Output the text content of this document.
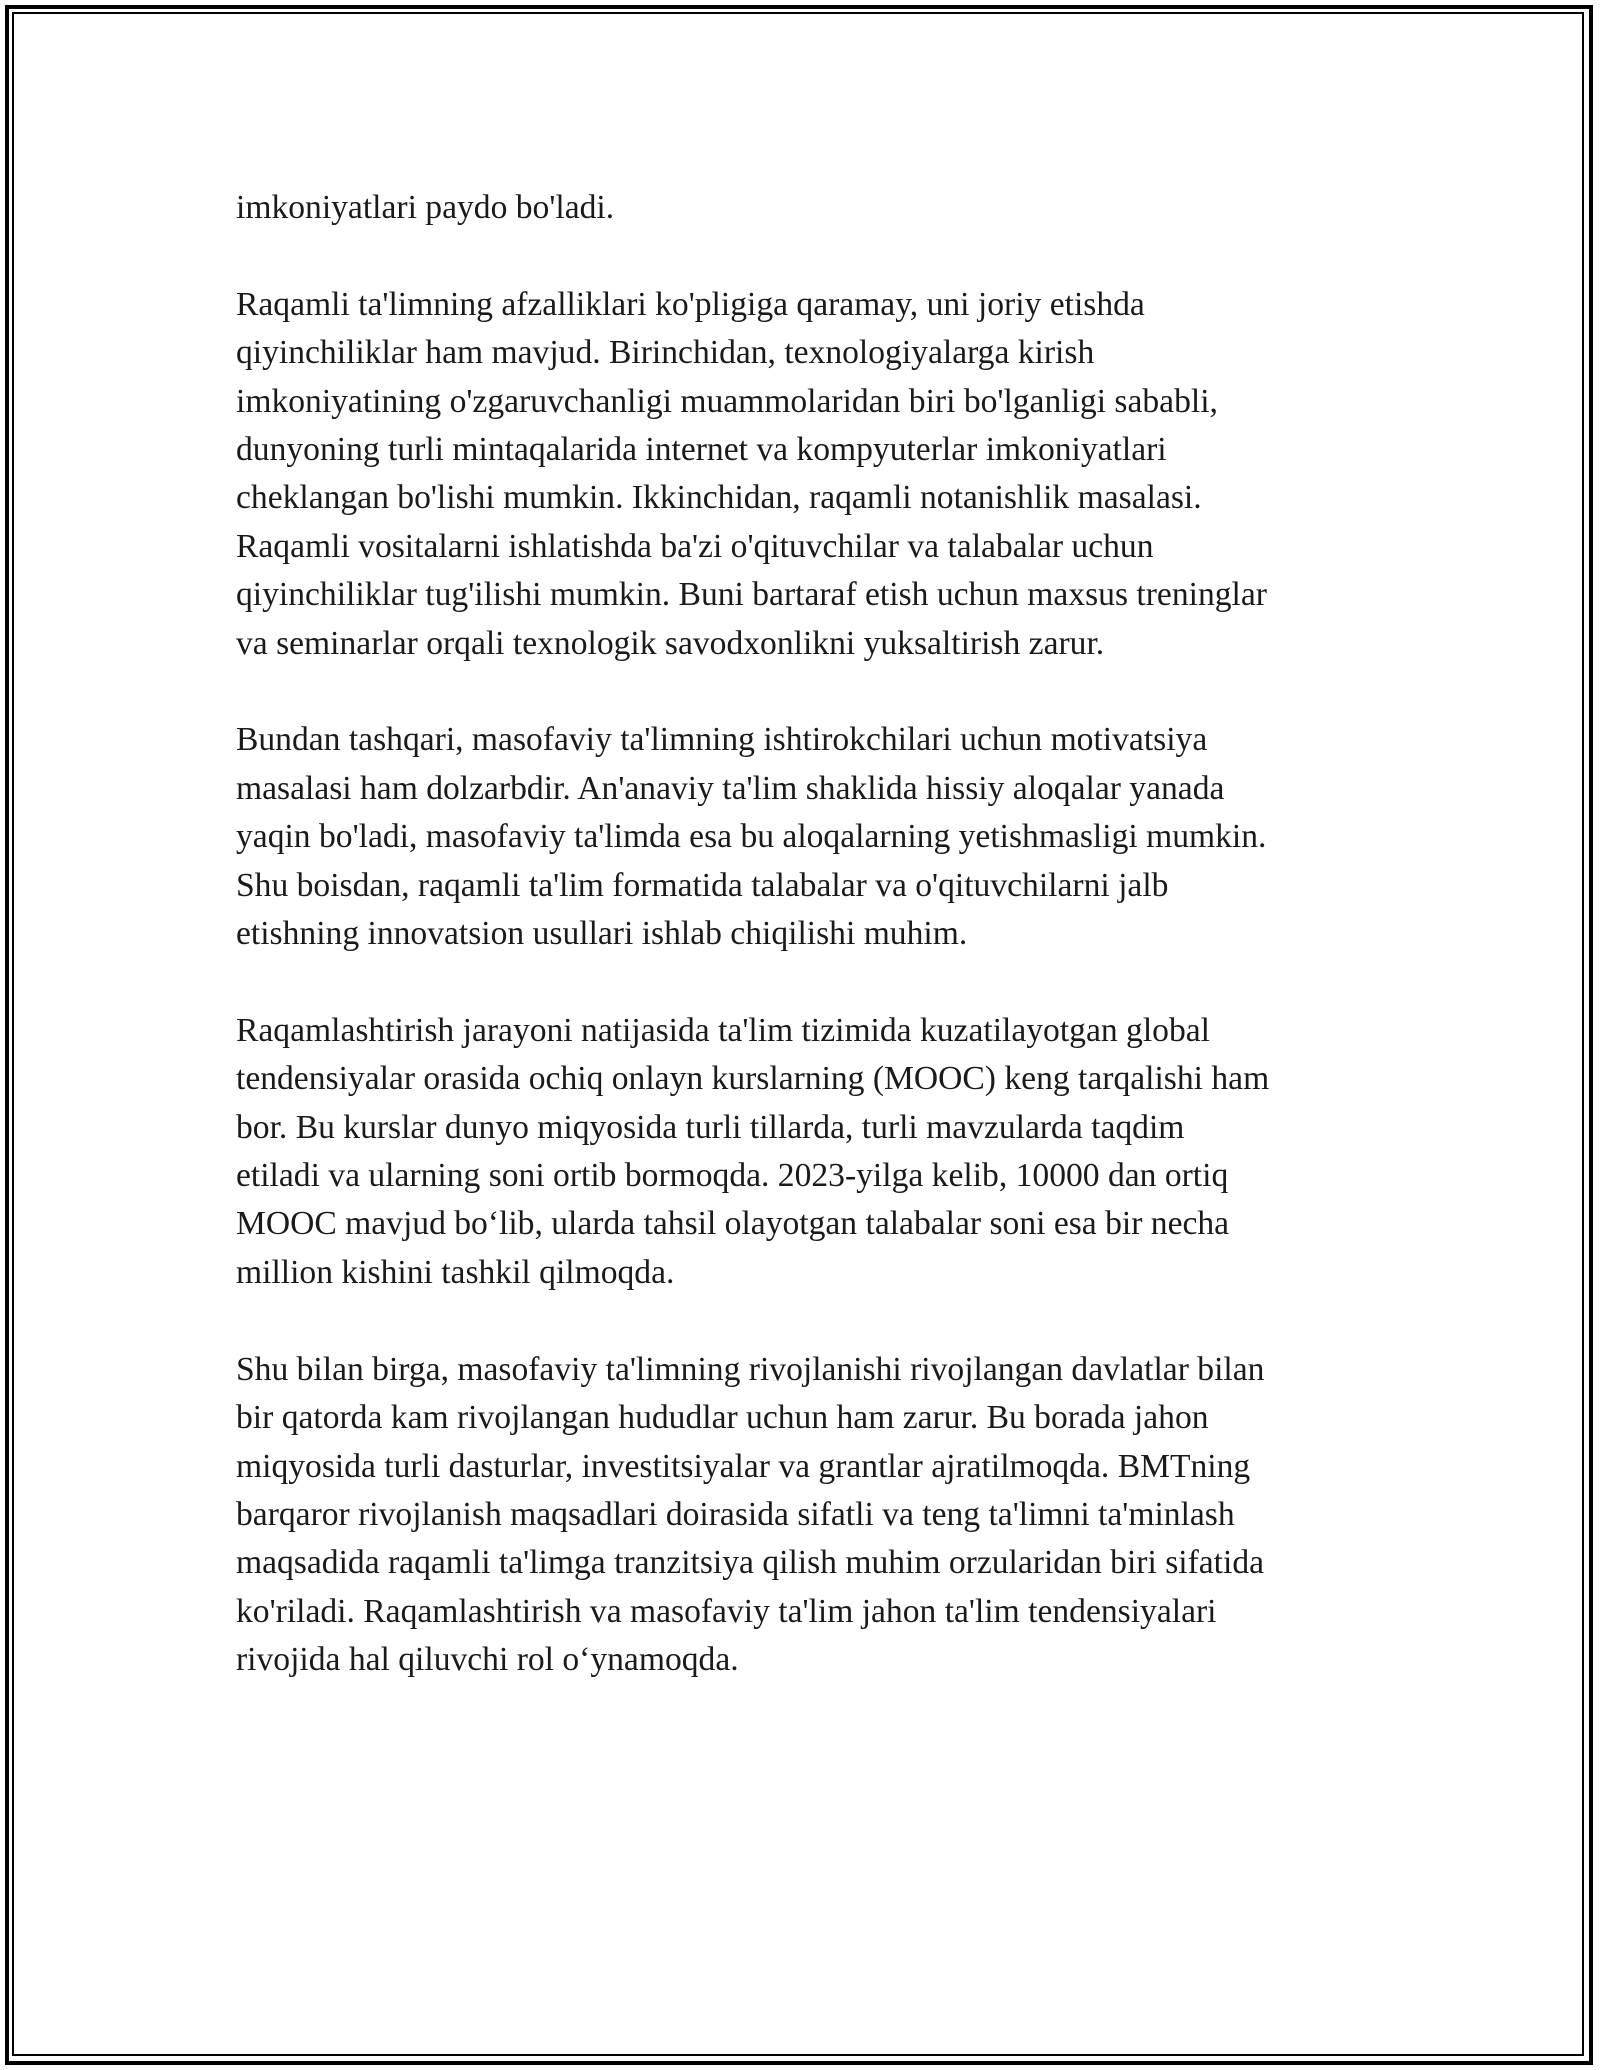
imkoniyatlari paydo bo'ladi.

Raqamli ta'limning afzalliklari ko'pligiga qaramay, uni joriy etishda
qiyinchiliklar ham mavjud. Birinchidan, texnologiyalarga kirish
imkoniyatining o'zgaruvchanligi muammolaridan biri bo'lganligi sababli,
dunyoning turli mintaqalarida internet va kompyuterlar imkoniyatlari
cheklangan bo'lishi mumkin. Ikkinchidan, raqamli notanishlik masalasi.
Raqamli vositalarni ishlatishda ba'zi o'qituvchilar va talabalar uchun
qiyinchiliklar tug'ilishi mumkin. Buni bartaraf etish uchun maxsus treninglar
va seminarlar orqali texnologik savodxonlikni yuksaltirish zarur.

Bundan tashqari, masofaviy ta'limning ishtirokchilari uchun motivatsiya
masalasi ham dolzarbdir. An'anaviy ta'lim shaklida hissiy aloqalar yanada
yaqin bo'ladi, masofaviy ta'limda esa bu aloqalarning yetishmasligi mumkin.
Shu boisdan, raqamli ta'lim formatida talabalar va o'qituvchilarni jalb
etishning innovatsion usullari ishlab chiqilishi muhim.

Raqamlashtirish jarayoni natijasida ta'lim tizimida kuzatilayotgan global
tendensiyalar orasida ochiq onlayn kurslarning (MOOC) keng tarqalishi ham
bor. Bu kurslar dunyo miqyosida turli tillarda, turli mavzularda taqdim
etiladi va ularning soni ortib bormoqda. 2023-yilga kelib, 10000 dan ortiq
MOOC mavjud bo‘lib, ularda tahsil olayotgan talabalar soni esa bir necha
million kishini tashkil qilmoqda.

Shu bilan birga, masofaviy ta'limning rivojlanishi rivojlangan davlatlar bilan
bir qatorda kam rivojlangan hududlar uchun ham zarur. Bu borada jahon
miqyosida turli dasturlar, investitsiyalar va grantlar ajratilmoqda. BMTning
barqaror rivojlanish maqsadlari doirasida sifatli va teng ta'limni ta'minlash
maqsadida raqamli ta'limga tranzitsiya qilish muhim orzularidan biri sifatida
ko'riladi. Raqamlashtirish va masofaviy ta'lim jahon ta'lim tendensiyalari
rivojida hal qiluvchi rol o‘ynamoqda.
